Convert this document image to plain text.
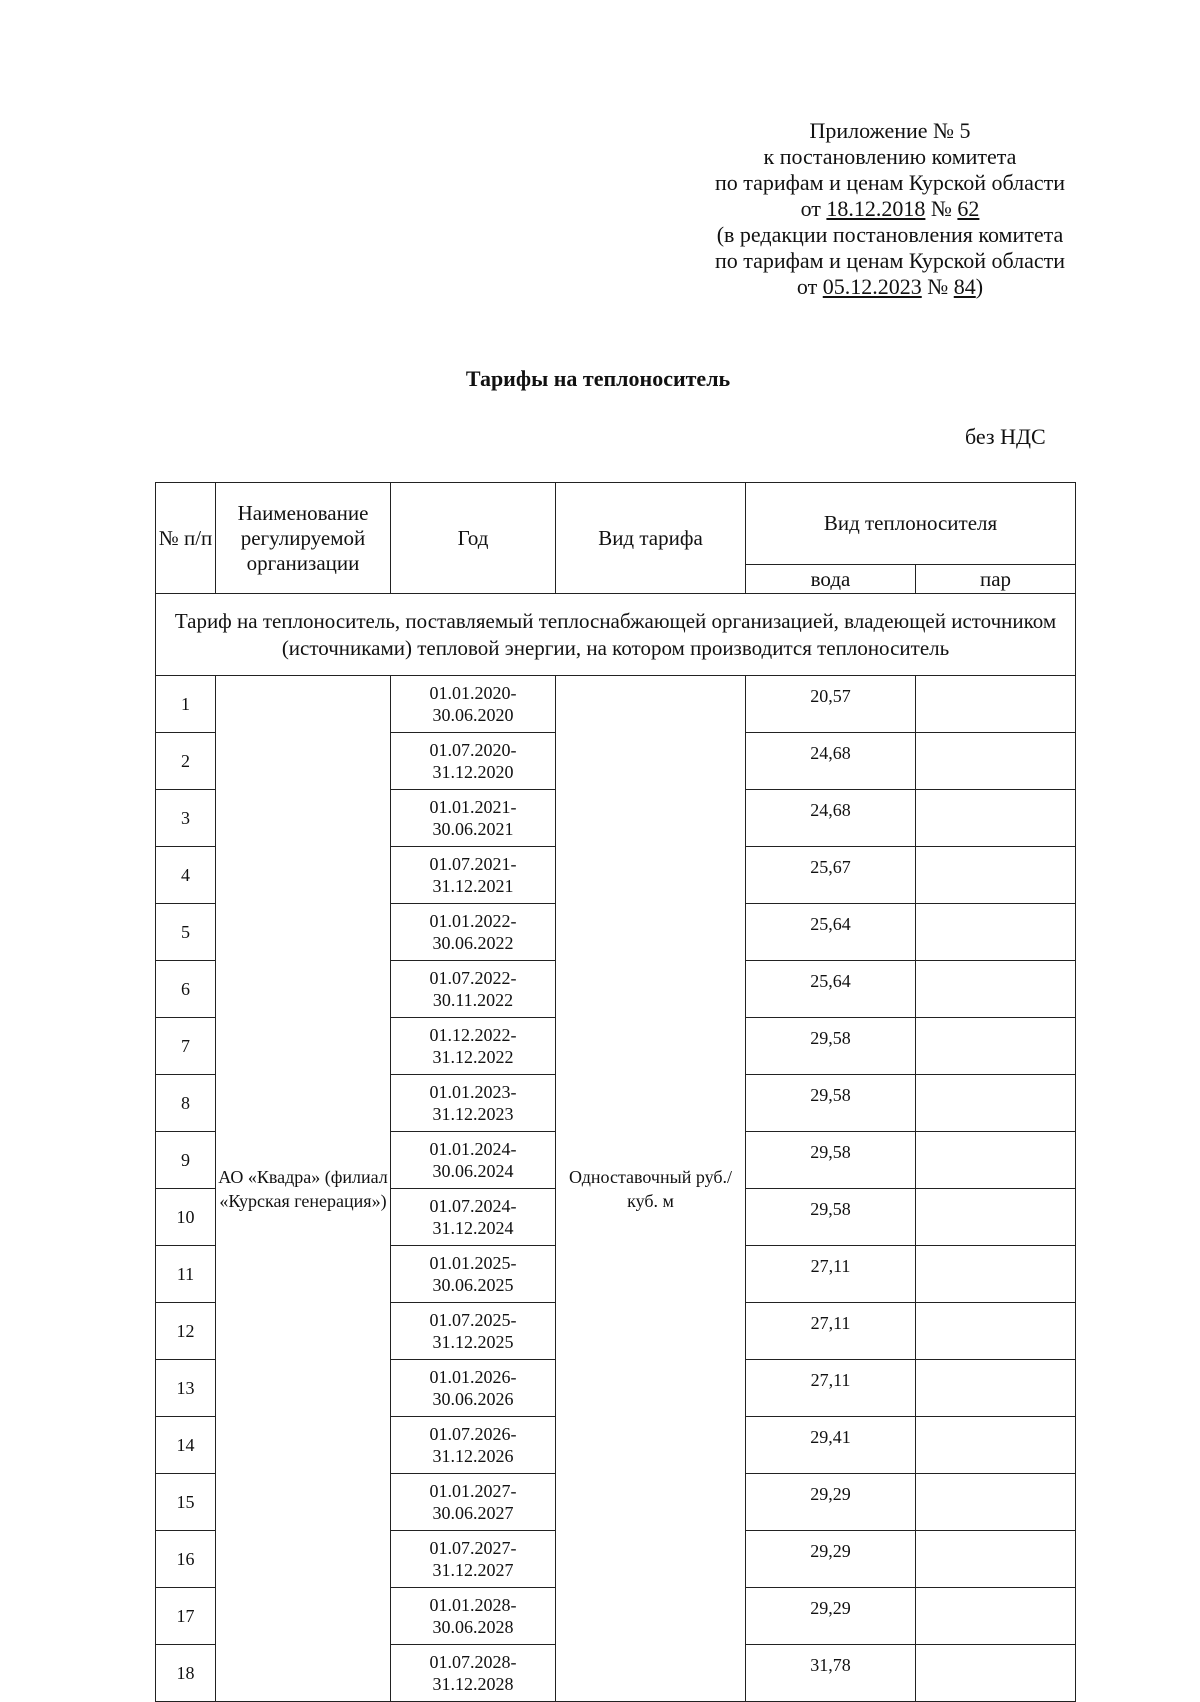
Приложение № 5
к постановлению комитета
по тарифам и ценам Курской области
от 18.12.2018 № 62
(в редакции постановления комитета
по тарифам и ценам Курской области
от 05.12.2023 № 84)
Тарифы на теплоноситель
без НДС
№ п/п	Наименование регулируемой организации	Год	Вид тарифа	Вид теплоносителя	
				вода	пар
Тариф на теплоноситель, поставляемый теплоснабжающей организацией, владеющей источником (источниками) тепловой энергии, на котором производится теплоноситель					
1	АО «Квадра» (филиал «Курская генерация»)	01.01.2020- 30.06.2020	Одноставочный руб./куб. м	20,57	
2		01.07.2020- 31.12.2020		24,68	
3		01.01.2021- 30.06.2021		24,68	
4		01.07.2021- 31.12.2021		25,67	
5		01.01.2022- 30.06.2022		25,64	
6		01.07.2022- 30.11.2022		25,64	
7		01.12.2022- 31.12.2022		29,58	
8		01.01.2023- 31.12.2023		29,58	
9		01.01.2024- 30.06.2024		29,58	
10		01.07.2024- 31.12.2024		29,58	
11		01.01.2025- 30.06.2025		27,11	
12		01.07.2025- 31.12.2025		27,11	
13		01.01.2026- 30.06.2026		27,11	
14		01.07.2026- 31.12.2026		29,41	
15		01.01.2027- 30.06.2027		29,29	
16		01.07.2027- 31.12.2027		29,29	
17		01.01.2028- 30.06.2028		29,29	
18		01.07.2028- 31.12.2028		31,78	
